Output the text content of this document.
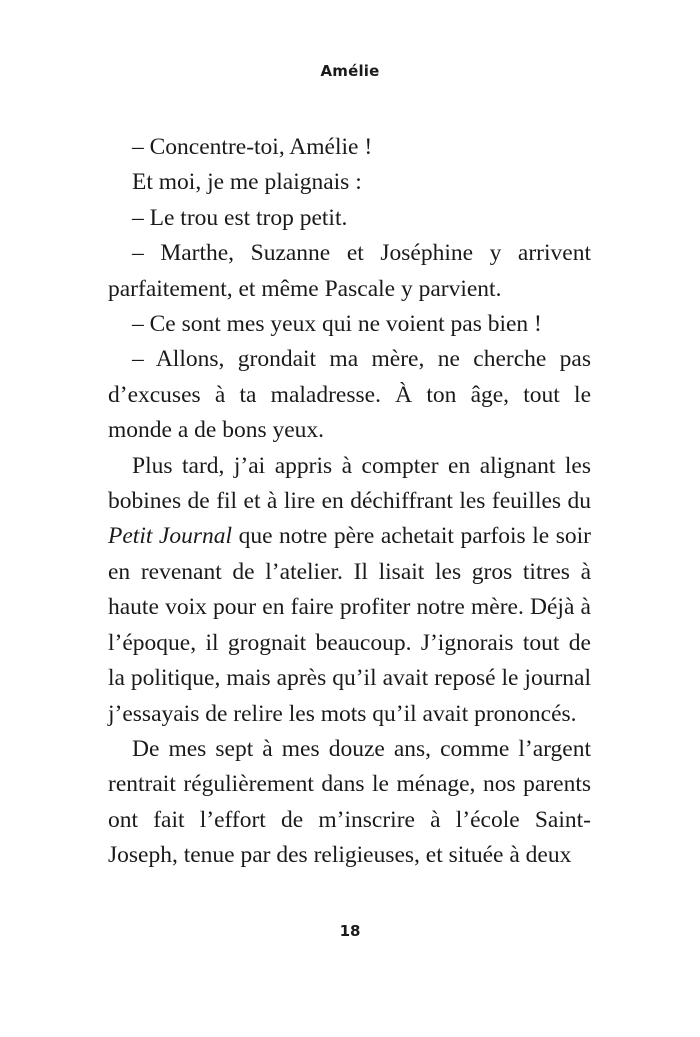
Amélie

– Concentre-toi, Amélie !

Et moi, je me plaignais :

– Le trou est trop petit.

– Marthe, Suzanne et Joséphine y arrivent parfaitement, et même Pascale y parvient.

– Ce sont mes yeux qui ne voient pas bien !

– Allons, grondait ma mère, ne cherche pas d’excuses à ta maladresse. À ton âge, tout le monde a de bons yeux.

Plus tard, j’ai appris à compter en alignant les bobines de fil et à lire en déchiffrant les feuilles du Petit Journal que notre père achetait parfois le soir en revenant de l’atelier. Il lisait les gros titres à haute voix pour en faire profiter notre mère. Déjà à l’époque, il grognait beaucoup. J’ignorais tout de la politique, mais après qu’il avait reposé le journal j’essayais de relire les mots qu’il avait prononcés.

De mes sept à mes douze ans, comme l’argent rentrait régulièrement dans le ménage, nos parents ont fait l’effort de m’inscrire à l’école Saint-Joseph, tenue par des religieuses, et située à deux

18
